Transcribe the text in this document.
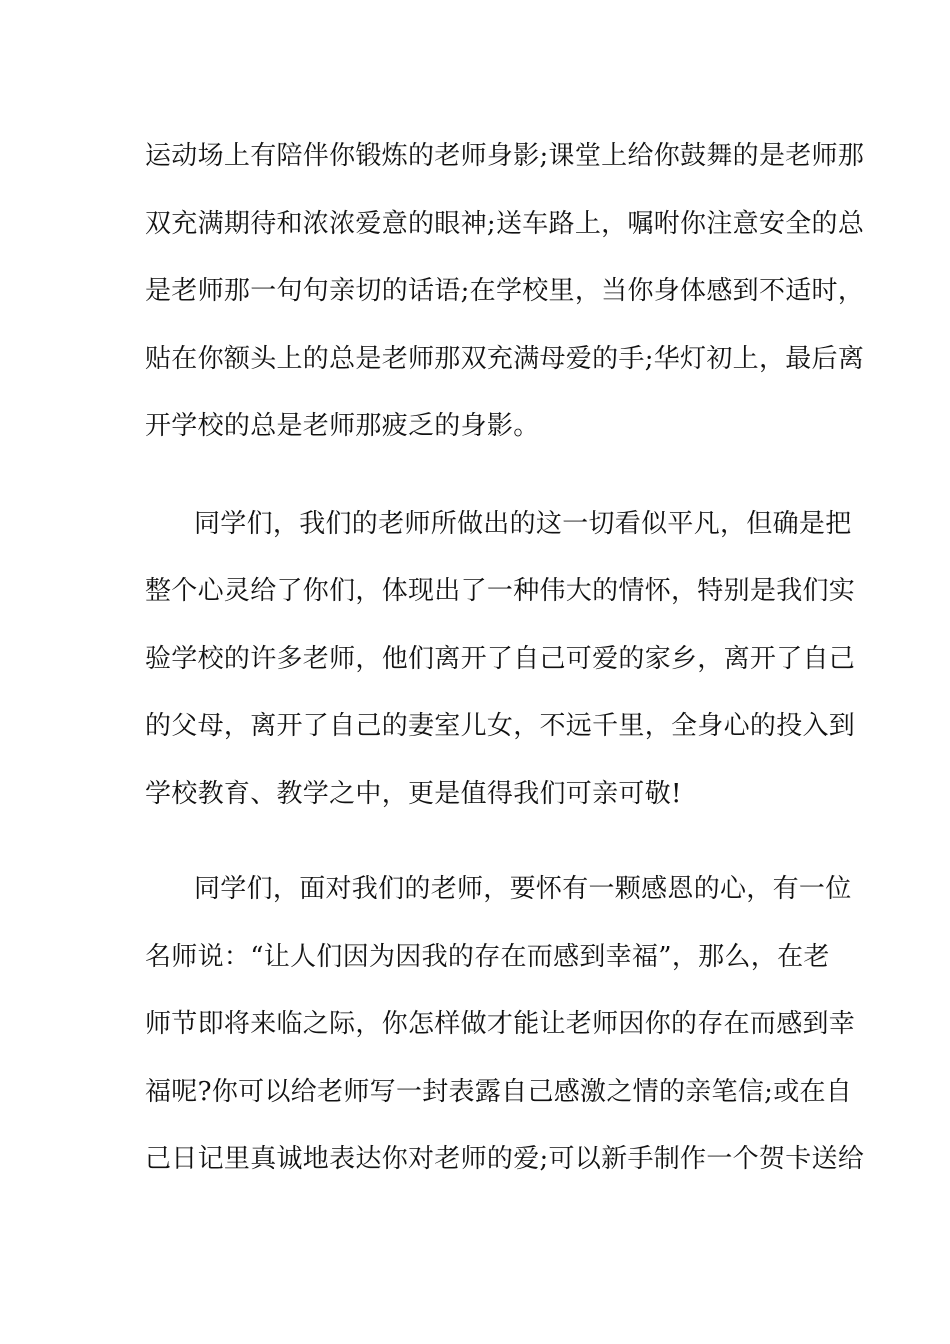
运动场上有陪伴你锻炼的老师身影;课堂上给你鼓舞的是老师那
双充满期待和浓浓爱意的眼神;送车路上，嘱咐你注意安全的总
是老师那一句句亲切的话语;在学校里，当你身体感到不适时，
贴在你额头上的总是老师那双充满母爱的手;华灯初上，最后离
开学校的总是老师那疲乏的身影。
同学们，我们的老师所做出的这一切看似平凡，但确是把
整个心灵给了你们，体现出了一种伟大的情怀，特别是我们实
验学校的许多老师，他们离开了自己可爱的家乡，离开了自己
的父母，离开了自己的妻室儿女，不远千里，全身心的投入到
学校教育、教学之中，更是值得我们可亲可敬!
同学们，面对我们的老师，要怀有一颗感恩的心，有一位
名师说：“让人们因为因我的存在而感到幸福”，那么，在老
师节即将来临之际，你怎样做才能让老师因你的存在而感到幸
福呢?你可以给老师写一封表露自己感激之情的亲笔信;或在自
己日记里真诚地表达你对老师的爱;可以新手制作一个贺卡送给
